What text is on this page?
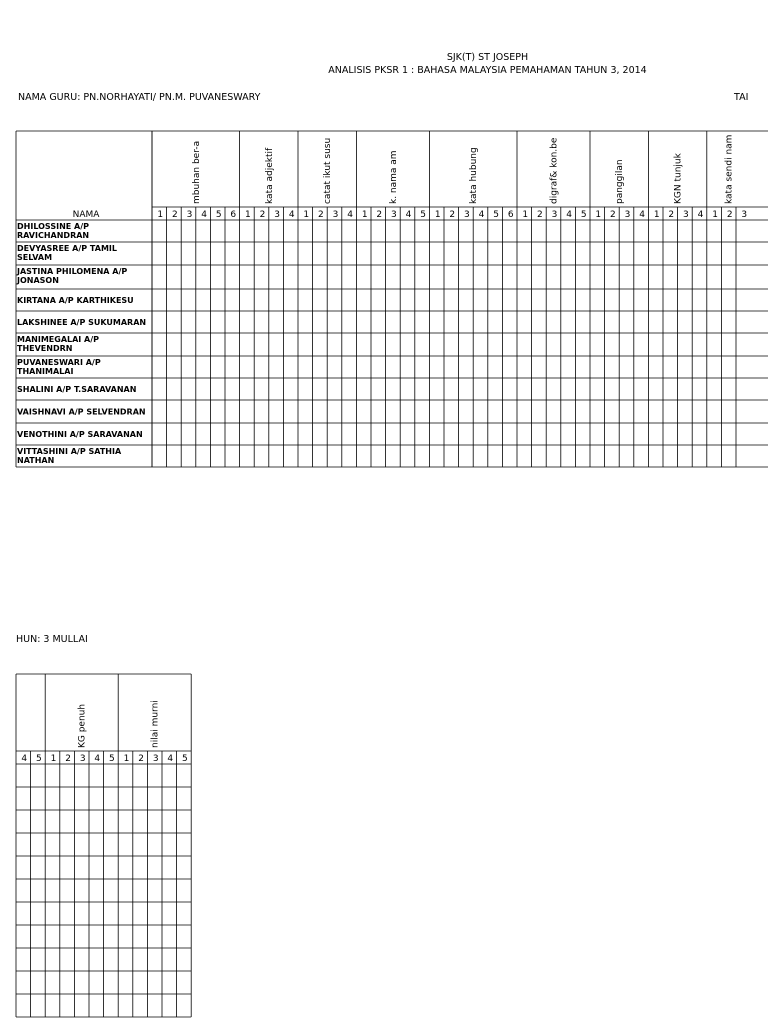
SJK(T) ST JOSEPH
ANALISIS PKSR 1 : BAHASA MALAYSIA PEMAHAMAN TAHUN 3, 2014
NAMA GURU: PN.NORHAYATI/ PN.M. PUVANESWARY	TAI
HUN: 3 MULLAI
NAMA
mbuhan ber-a
1 2 3 4 5 6
kata adjektif
1 2 3 4
catat ikut susu
1 2 3 4
k. nama am
1 2 3 4 5
kata hubung
1 2 3 4 5 6
digraf& kon.be
1 2 3 4 5
panggilan
1 2 3 4
KGN tunjuk
1 2 3 4
kata sendi nam
1 2 3
DHILOSSINE A/P
RAVICHANDRAN
DEVYASREE A/P TAMIL
SELVAM
JASTINA PHILOMENA A/P
JONASON
KIRTANA A/P KARTHIKESU
LAKSHINEE A/P SUKUMARAN
MANIMEGALAI A/P
THEVENDRN
PUVANESWARI A/P
THANIMALAI
SHALINI A/P T.SARAVANAN
VAISHNAVI A/P SELVENDRAN
VENOTHINI A/P SARAVANAN
VITTASHINI A/P SATHIA
NATHAN
4 5
KG penuh
1 2 3 4 5
nilai murni
1 2 3 4 5
